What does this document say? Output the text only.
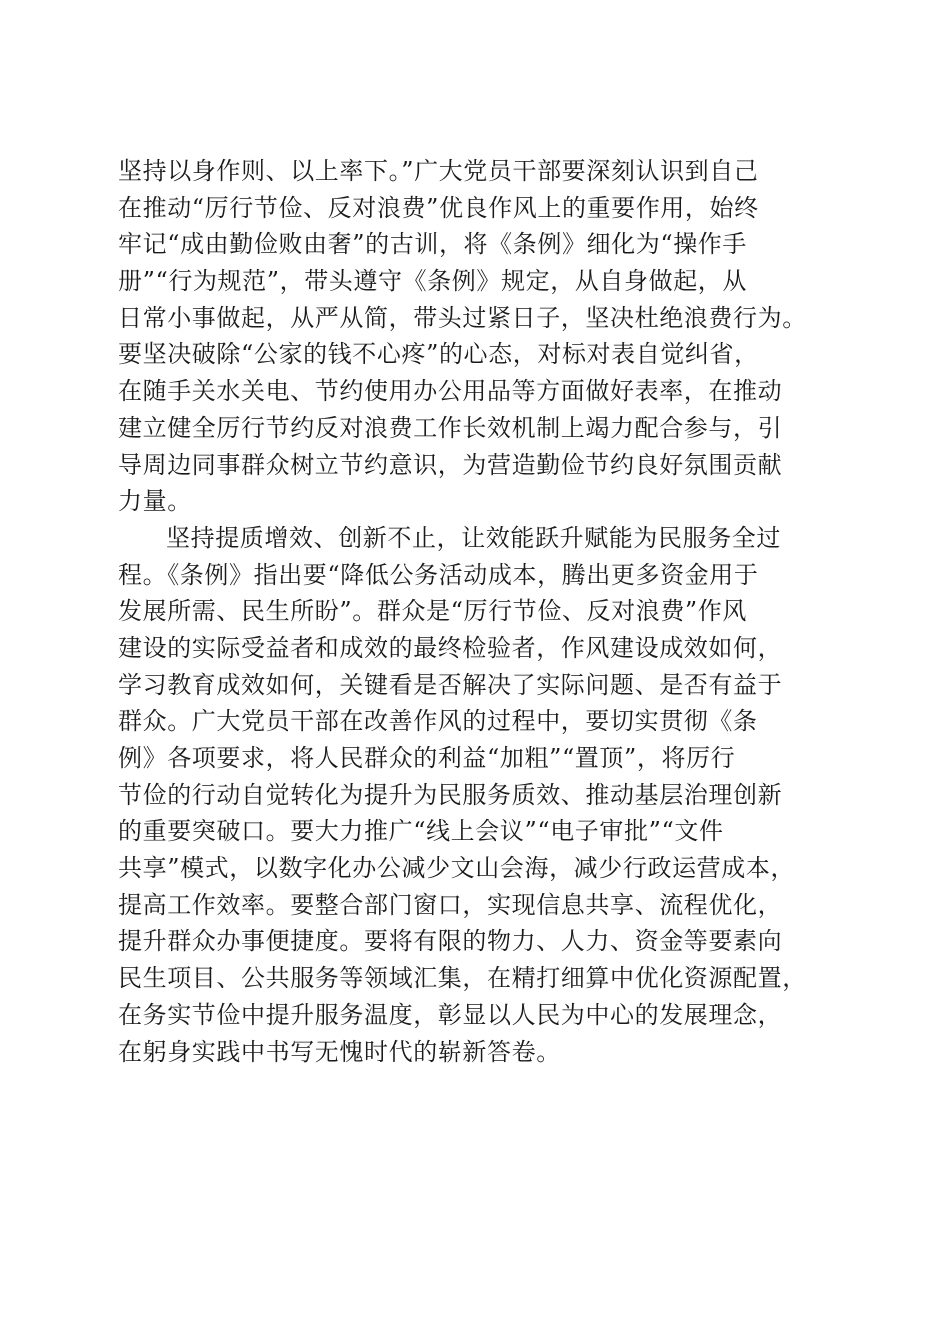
坚持以身作则、以上率下。”广大党员干部要深刻认识到自己
在推动“厉行节俭、反对浪费”优良作风上的重要作用，始终
牢记“成由勤俭败由奢”的古训，将《条例》细化为“操作手
册”“行为规范”，带头遵守《条例》规定，从自身做起，从
日常小事做起，从严从简，带头过紧日子，坚决杜绝浪费行为。
要坚决破除“公家的钱不心疼”的心态，对标对表自觉纠省，
在随手关水关电、节约使用办公用品等方面做好表率，在推动
建立健全厉行节约反对浪费工作长效机制上竭力配合参与，引
导周边同事群众树立节约意识，为营造勤俭节约良好氛围贡献
力量。
坚持提质增效、创新不止，让效能跃升赋能为民服务全过
程。《条例》指出要“降低公务活动成本，腾出更多资金用于
发展所需、民生所盼”。群众是“厉行节俭、反对浪费”作风
建设的实际受益者和成效的最终检验者，作风建设成效如何，
学习教育成效如何，关键看是否解决了实际问题、是否有益于
群众。广大党员干部在改善作风的过程中，要切实贯彻《条
例》各项要求，将人民群众的利益“加粗”“置顶”，将厉行
节俭的行动自觉转化为提升为民服务质效、推动基层治理创新
的重要突破口。要大力推广“线上会议”“电子审批”“文件
共享”模式，以数字化办公减少文山会海，减少行政运营成本，
提高工作效率。要整合部门窗口，实现信息共享、流程优化，
提升群众办事便捷度。要将有限的物力、人力、资金等要素向
民生项目、公共服务等领域汇集，在精打细算中优化资源配置，
在务实节俭中提升服务温度，彰显以人民为中心的发展理念，
在躬身实践中书写无愧时代的崭新答卷。
